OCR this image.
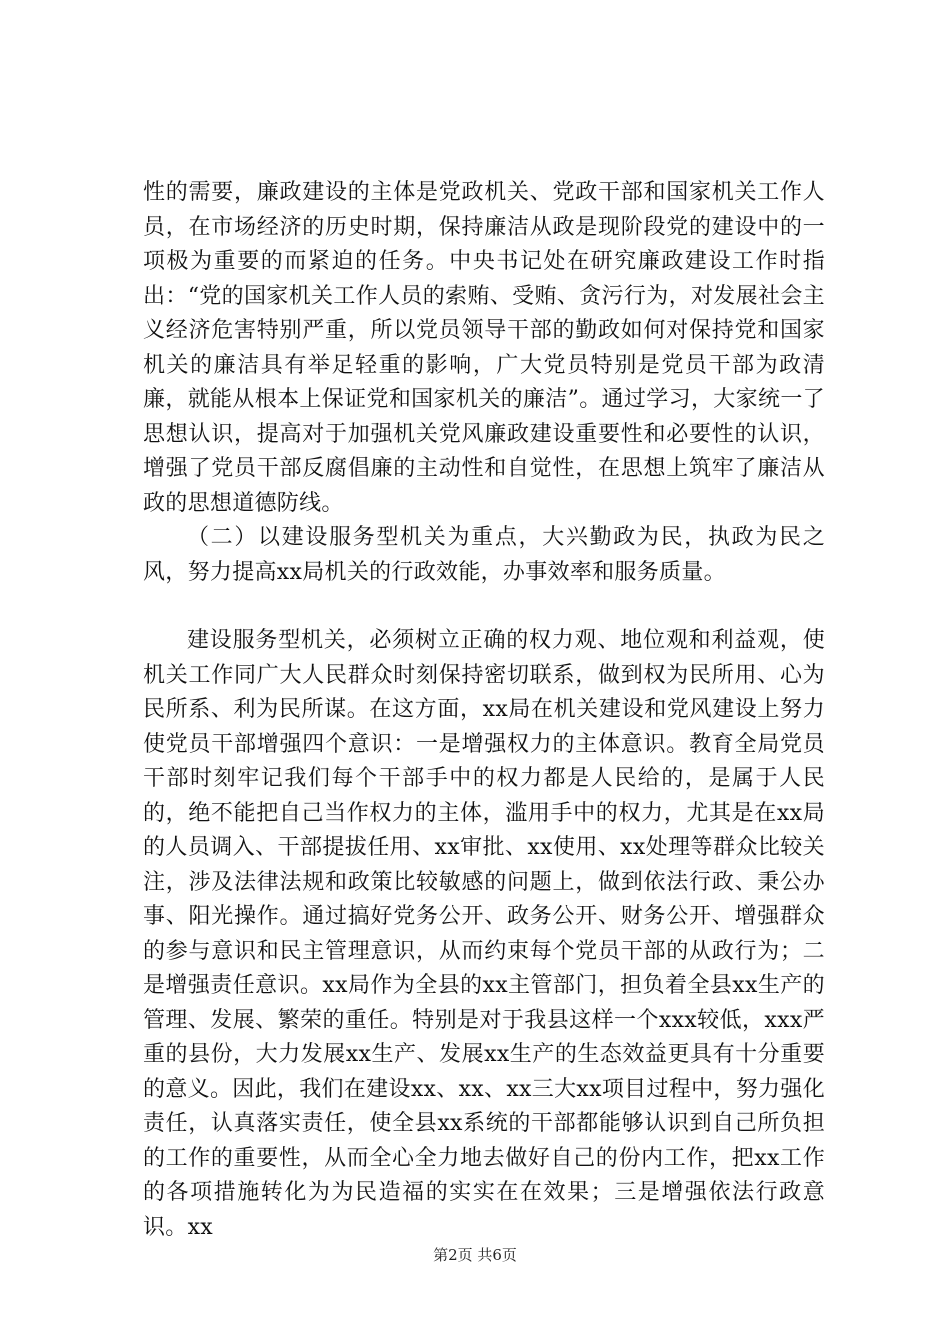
性的需要，廉政建设的主体是党政机关、党政干部和国家机关工作人员，在市场经济的历史时期，保持廉洁从政是现阶段党的建设中的一项极为重要的而紧迫的任务。中央书记处在研究廉政建设工作时指出：“党的国家机关工作人员的索贿、受贿、贪污行为，对发展社会主义经济危害特别严重，所以党员领导干部的勤政如何对保持党和国家机关的廉洁具有举足轻重的影响，广大党员特别是党员干部为政清廉，就能从根本上保证党和国家机关的廉洁”。通过学习，大家统一了思想认识，提高对于加强机关党风廉政建设重要性和必要性的认识，增强了党员干部反腐倡廉的主动性和自觉性，在思想上筑牢了廉洁从政的思想道德防线。

（二）以建设服务型机关为重点，大兴勤政为民，执政为民之风，努力提高xx局机关的行政效能，办事效率和服务质量。

建设服务型机关，必须树立正确的权力观、地位观和利益观，使机关工作同广大人民群众时刻保持密切联系，做到权为民所用、心为民所系、利为民所谋。在这方面，xx局在机关建设和党风建设上努力使党员干部增强四个意识：一是增强权力的主体意识。教育全局党员干部时刻牢记我们每个干部手中的权力都是人民给的，是属于人民的，绝不能把自己当作权力的主体，滥用手中的权力，尤其是在xx局的人员调入、干部提拔任用、xx审批、xx使用、xx处理等群众比较关注，涉及法律法规和政策比较敏感的问题上，做到依法行政、秉公办事、阳光操作。通过搞好党务公开、政务公开、财务公开、增强群众的参与意识和民主管理意识，从而约束每个党员干部的从政行为；二是增强责任意识。xx局作为全县的xx主管部门，担负着全县xx生产的管理、发展、繁荣的重任。特别是对于我县这样一个xxx较低，xxx严重的县份，大力发展xx生产、发展xx生产的生态效益更具有十分重要的意义。因此，我们在建设xx、xx、xx三大xx项目过程中，努力强化责任，认真落实责任，使全县xx系统的干部都能够认识到自己所负担的工作的重要性，从而全心全力地去做好自己的份内工作，把xx工作的各项措施转化为为民造福的实实在在效果；三是增强依法行政意识。xx

第2页 共6页
